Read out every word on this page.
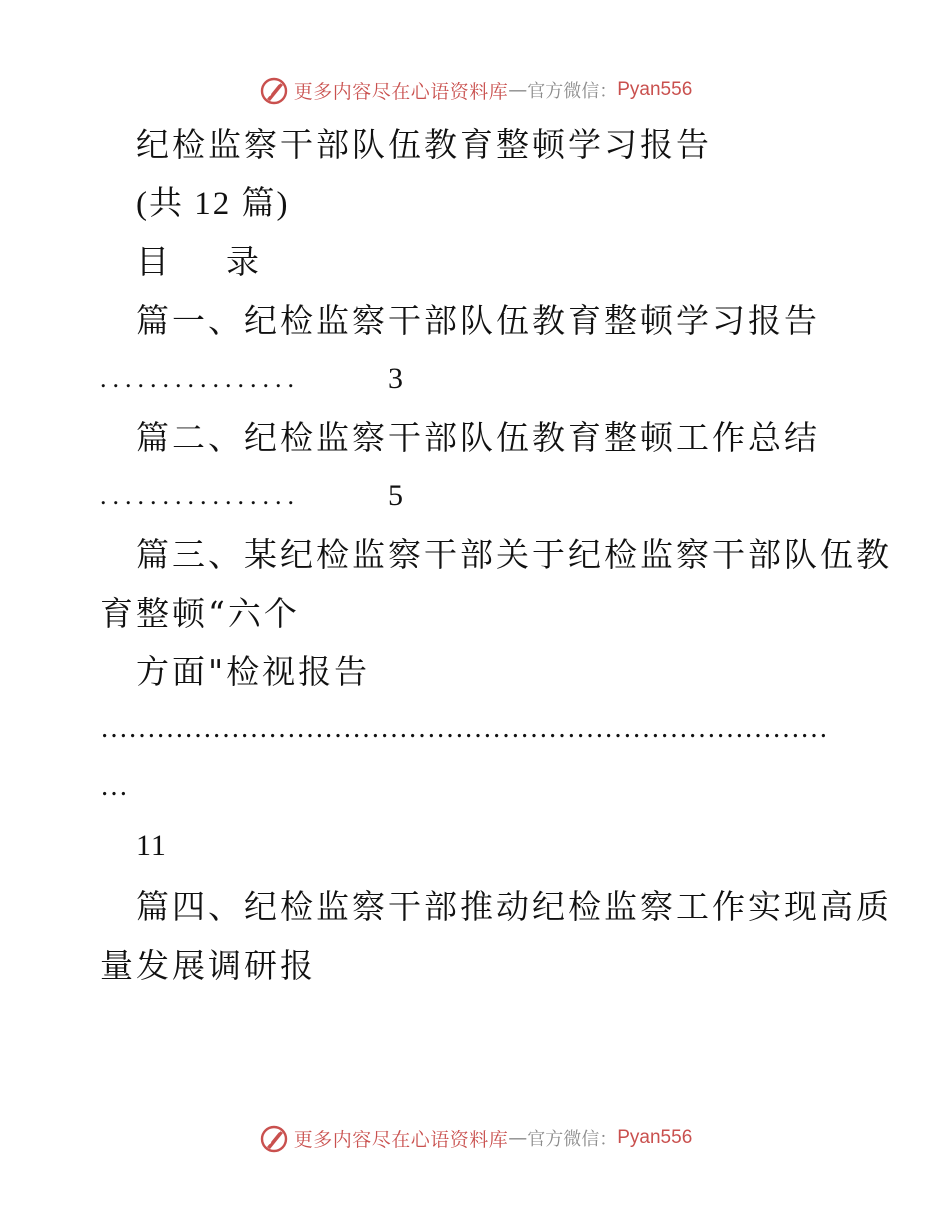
更多内容尽在心语资料库 — 官方微信： Pyan556
纪检监察干部队伍教育整顿学习报告
(共 12 篇)
目    录
篇一、纪检监察干部队伍教育整顿学习报告
................	3
篇二、纪检监察干部队伍教育整顿工作总结
................	5
篇三、某纪检监察干部关于纪检监察干部队伍教
育整顿“六个
方面"检视报告
……………………………………………………………………
…
11
篇四、纪检监察干部推动纪检监察工作实现高质
量发展调研报
更多内容尽在心语资料库 — 官方微信： Pyan556
